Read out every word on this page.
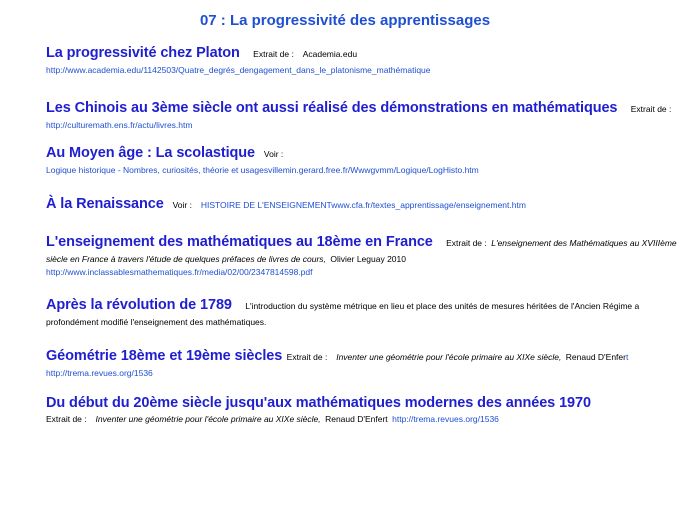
07 : La progressivité des apprentissages
La progressivité chez Platon Extrait de : Academia.edu
http://www.academia.edu/1142503/Quatre_degrés_dengagement_dans_le_platonisme_mathématique
Les Chinois au 3ème siècle ont aussi réalisé des démonstrations en mathématiques Extrait de :
http://culturemath.ens.fr/actu/livres.htm
Au Moyen âge : La scolastique Voir :
Logique historique - Nombres, curiosités, théorie et usagesvillemin.gerard.free.fr/Wwwgvmm/Logique/LogHisto.htm
À la Renaissance Voir : HISTOIRE DE L'ENSEIGNEMENTwww.cfa.fr/textes_apprentissage/enseignement.htm
L'enseignement des mathématiques au 18ème en France Extrait de : L'enseignement des Mathématiques au XVIIIème
siècle en France à travers l'étude de quelques préfaces de livres de cours, Olivier Leguay 2010
http://www.inclassablesmathematiques.fr/media/02/00/2347814598.pdf
Après la révolution de 1789 L'introduction du système métrique en lieu et place des unités de mesures héritées de l'Ancien Régime a
profondément modifié l'enseignement des mathématiques.
Géométrie 18ème et 19ème siècles Extrait de : Inventer une géométrie pour l'école primaire au XIXe siècle, Renaud D'Enfert
http://trema.revues.org/1536
Du début du 20ème siècle jusqu'aux mathématiques modernes des années 1970
Extrait de : Inventer une géométrie pour l'école primaire au XIXe siècle, Renaud D'Enfert http://trema.revues.org/1536
